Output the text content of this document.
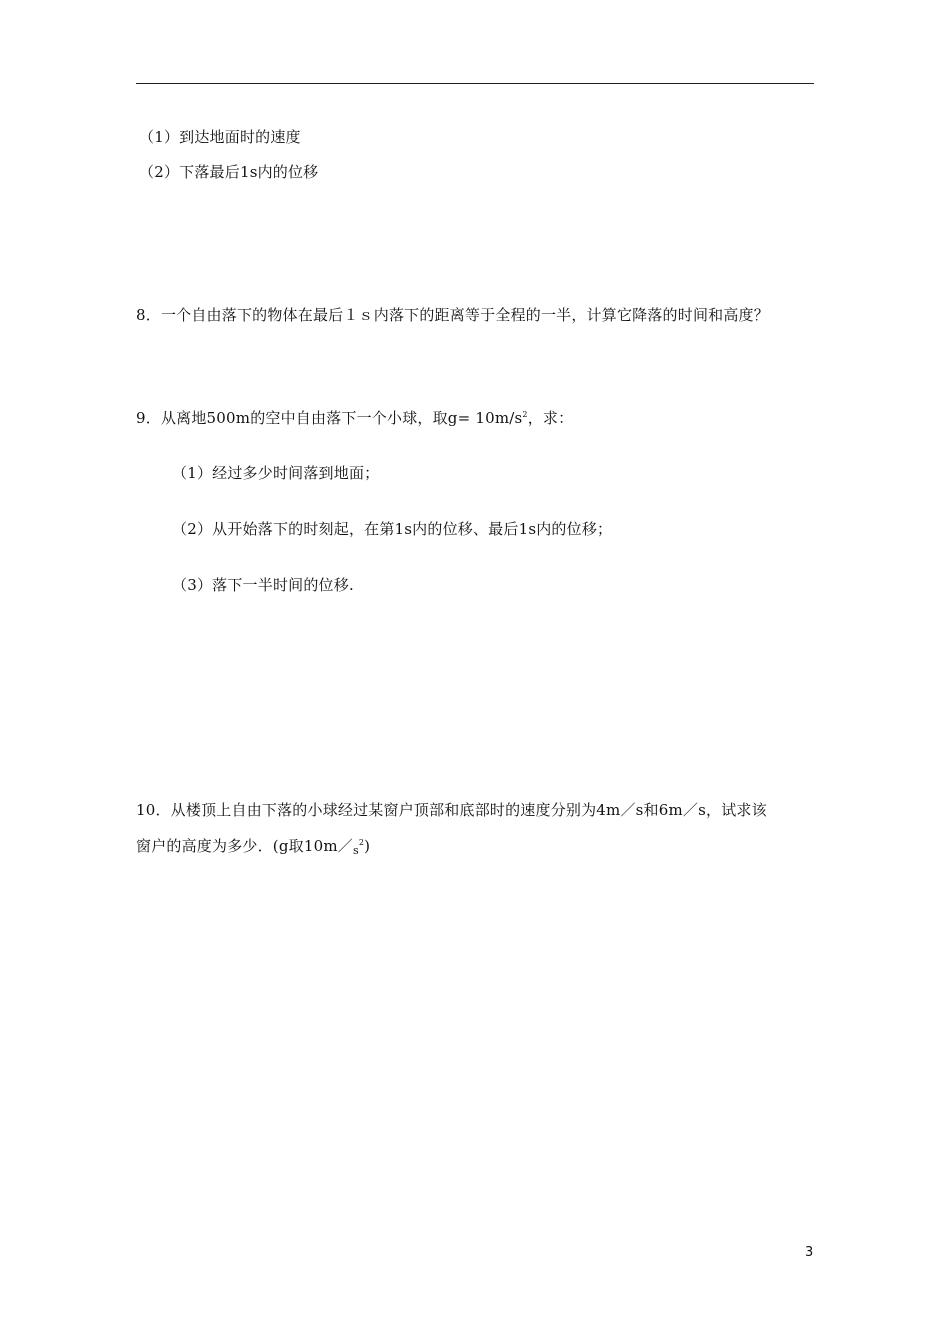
（1）到达地面时的速度
（2）下落最后1s内的位移
8．一个自由落下的物体在最后１ｓ内落下的距离等于全程的一半，计算它降落的时间和高度？
9．从离地500m的空中自由落下一个小球，取$g= 10m/s^2$，求：
（1）经过多少时间落到地面；
（2）从开始落下的时刻起，在第1s内的位移、最后1s内的位移；
（3）落下一半时间的位移.
10．从楼顶上自由下落的小球经过某窗户顶部和底部时的速度分别为4m／s和6m／s，试求该
窗户的高度为多少．(g取$10m/_s^2$)
3
